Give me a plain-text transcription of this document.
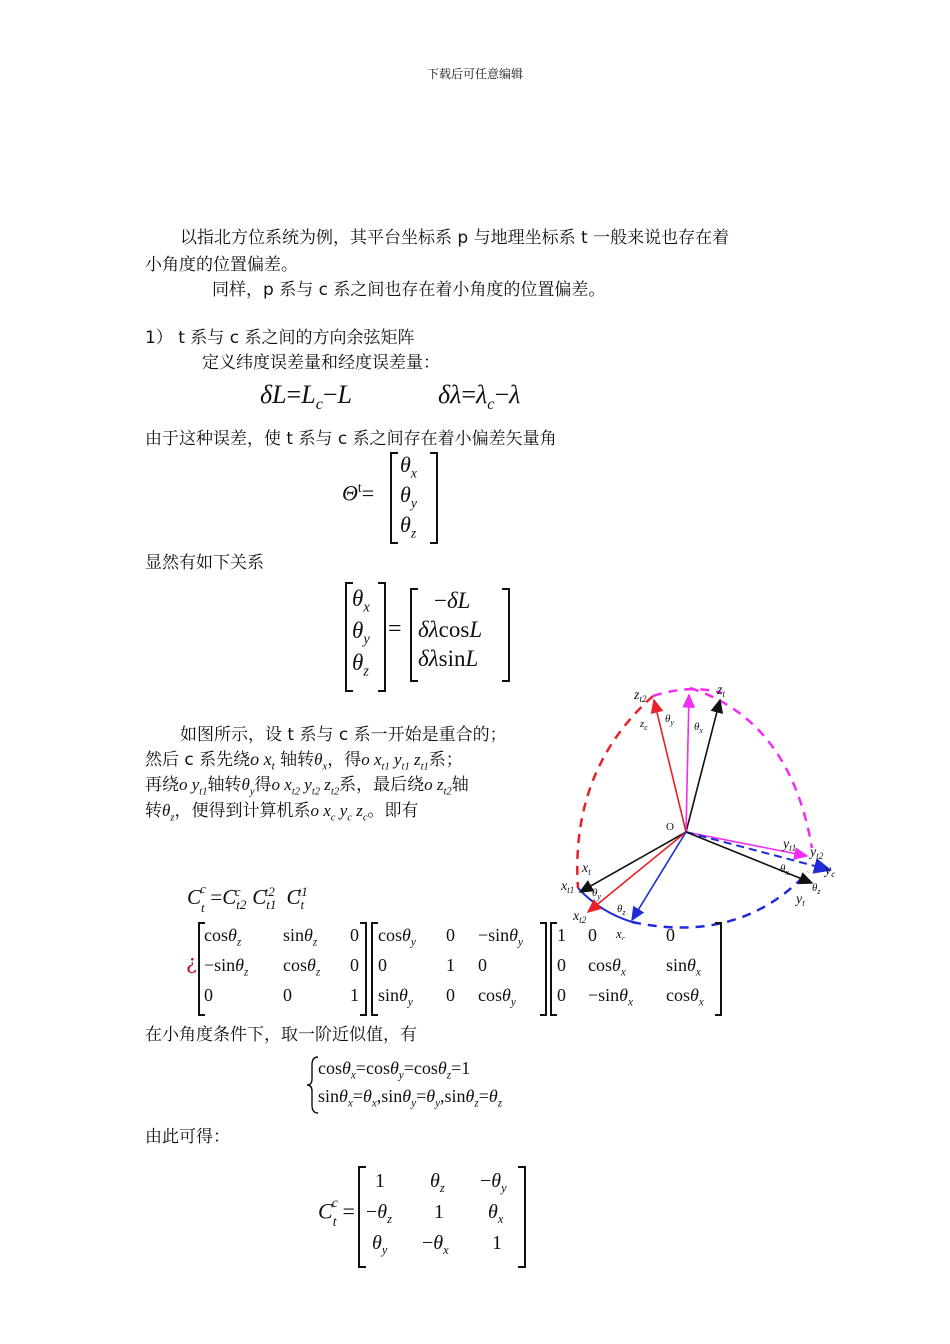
下载后可任意编辑
以指北方位系统为例，其平台坐标系 p 与地理坐标系 t 一般来说也存在着
小角度的位置偏差。
同样，p 系与 c 系之间也存在着小角度的位置偏差。
1） t 系与 c 系之间的方向余弦矩阵
定义纬度误差量和经度误差量：
$\delta L=L_c-L$	$\delta\lambda=\lambda_c-\lambda$
由于这种误差，使 t 系与 c 系之间存在着小偏差矢量角
$\Theta^t=$
$\theta_x$
$\theta_y$
$\theta_z$
显然有如下关系
$\theta_x$
$\theta_y$
$\theta_z$
=
−δL
δλcosL
δλsinL
如图所示，设 t 系与 c 系一开始是重合的；
然后 c 系先绕o $x_t$ 轴转$\theta_x$，得o $x_{t1}$ $y_{t1}$ $z_{t1}$系；
再绕o $y_{t1}$轴转$\theta_y$得o $x_{t2}$ $y_{t2}$ $z_{t2}$系，最后绕o $z_{t2}$轴
转$\theta_z$，便得到计算机系o $x_c$ $y_c$ $z_c$。即有
$z_{t2}$
$z_t$
$z_c$
$\theta_y$ $\theta_x$
O
$y_{t1}$ $y_{t2}$
$y_c$
$y_t$
$\theta_x$
$\theta_z$
$x_t$
$x_{t1}$ $\theta_y$
$\theta_z$
$x_{t2}$
$x_c$
$C_t^c =C_{t2}^c$ $C_{t1}^{t2}$ $C_t^{t1}$
¿
cosθ$_z$ sinθ$_z$ 0
−sinθ$_z$ cosθ$_z$ 0
0	0	1
cosθ$_y$ 0 −sinθ$_y$
0	1 0
sinθ$_y$ 0 cosθ$_y$
1 0	0
0 cosθ$_x$ sinθ$_x$
0 −sinθ$_x$ cosθ$_x$
在小角度条件下，取一阶近似值，有
cosθ$_x$=cosθ$_y$=cosθ$_z$=1
$\sin\theta_x=\theta_x,\sin\theta_y=\theta_y,\sin\theta_z=\theta_z$
由此可得：
$C_t^c$ =
1 $\theta_z -\theta_y$
$-\theta_z$ 1 $\theta_x$
$\theta_y -\theta_x$ 1
